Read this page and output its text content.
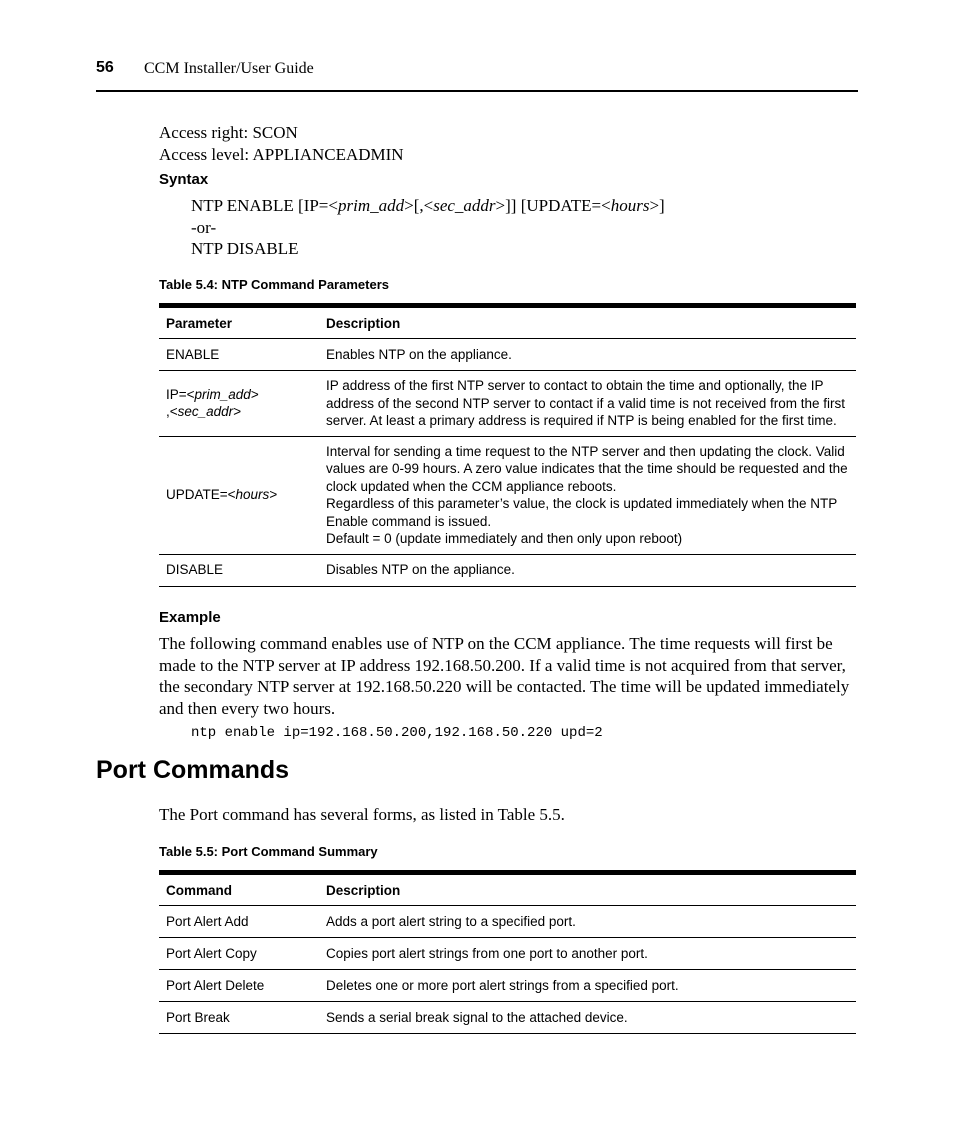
56 CCM Installer/User Guide
Access right: SCON
Access level: APPLIANCEADMIN
Syntax
NTP ENABLE [IP=<prim_add>[,<sec_addr>]] [UPDATE=<hours>]
-or-
NTP DISABLE
Table 5.4: NTP Command Parameters
Parameter	Description
ENABLE	Enables NTP on the appliance.

IP=<prim_add>
,<sec_addr>	IP address of the first NTP server to contact to obtain the time and optionally, the IP address of the second NTP server to contact if a valid time is not received from the first server. At least a primary address is required if NTP is being enabled for the first time.
UPDATE=<hours>	Interval for sending a time request to the NTP server and then updating the clock. Valid values are 0-99 hours. A zero value indicates that the time should be requested and the clock updated when the CCM appliance reboots.
Regardless of this parameter’s value, the clock is updated immediately when the NTP Enable command is issued.
Default = 0 (update immediately and then only upon reboot)

DISABLE	Disables NTP on the appliance.
Example
The following command enables use of NTP on the CCM appliance. The time requests will first be made to the NTP server at IP address 192.168.50.200. If a valid time is not acquired from that server, the secondary NTP server at 192.168.50.220 will be contacted. The time will be updated immediately and then every two hours.
ntp enable ip=192.168.50.200,192.168.50.220 upd=2
Port Commands
The Port command has several forms, as listed in Table 5.5.
Table 5.5: Port Command Summary
Command	Description
Port Alert Add	Adds a port alert string to a specified port.
Port Alert Copy	Copies port alert strings from one port to another port.
Port Alert Delete	Deletes one or more port alert strings from a specified port.
Port Break	Sends a serial break signal to the attached device.
